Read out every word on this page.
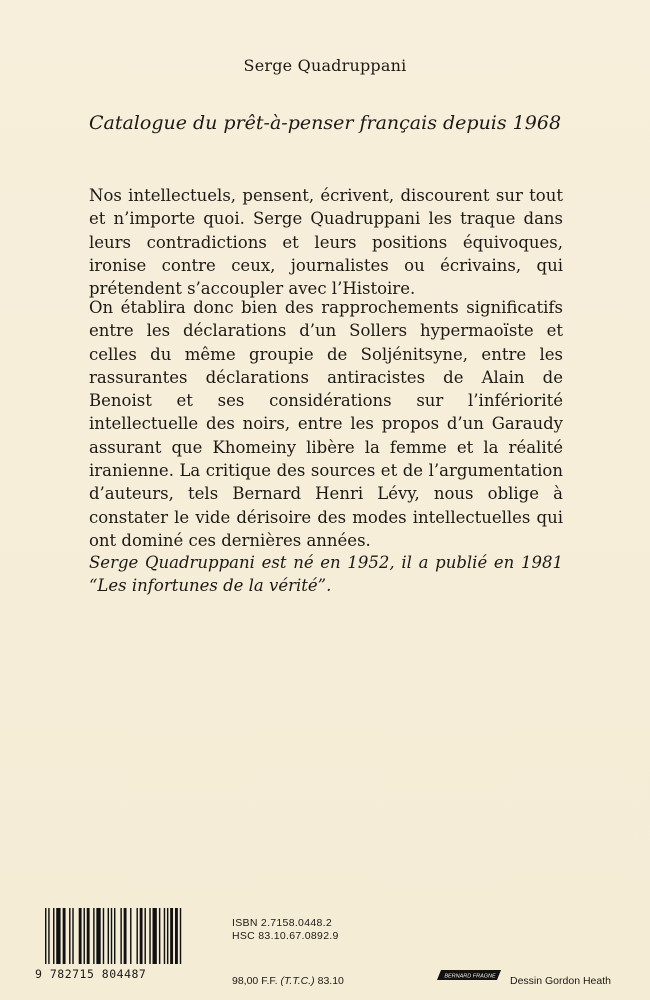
Serge Quadruppani
Catalogue du prêt-à-penser français depuis 1968

Nos intellectuels, pensent, écrivent, discourent sur tout et n’importe quoi. Serge Quadruppani les traque dans leurs contradictions et leurs positions équivoques, ironise contre ceux, journalistes ou écrivains, qui prétendent s’accoupler avec l’Histoire.

On établira donc bien des rapprochements significatifs entre les déclarations d’un Sollers hypermaoïste et celles du même groupie de Soljénitsyne, entre les rassurantes déclarations antiracistes de Alain de Benoist et ses considérations sur l’infériorité intellectuelle des noirs, entre les propos d’un Garaudy assurant que Khomeiny libère la femme et la réalité iranienne. La critique des sources et de l’argumentation d’auteurs, tels Bernard Henri Lévy, nous oblige à constater le vide dérisoire des modes intellectuelles qui ont dominé ces dernières années.

Serge Quadruppani est né en 1952, il a publié en 1981 “Les infortunes de la vérité”.

9 782715 804487
ISBN 2.7158.0448.2
HSC 83.10.67.0892.9
98,00 F.F. (T.T.C.) 83.10	BERNARD FRAGNE Dessin Gordon Heath
